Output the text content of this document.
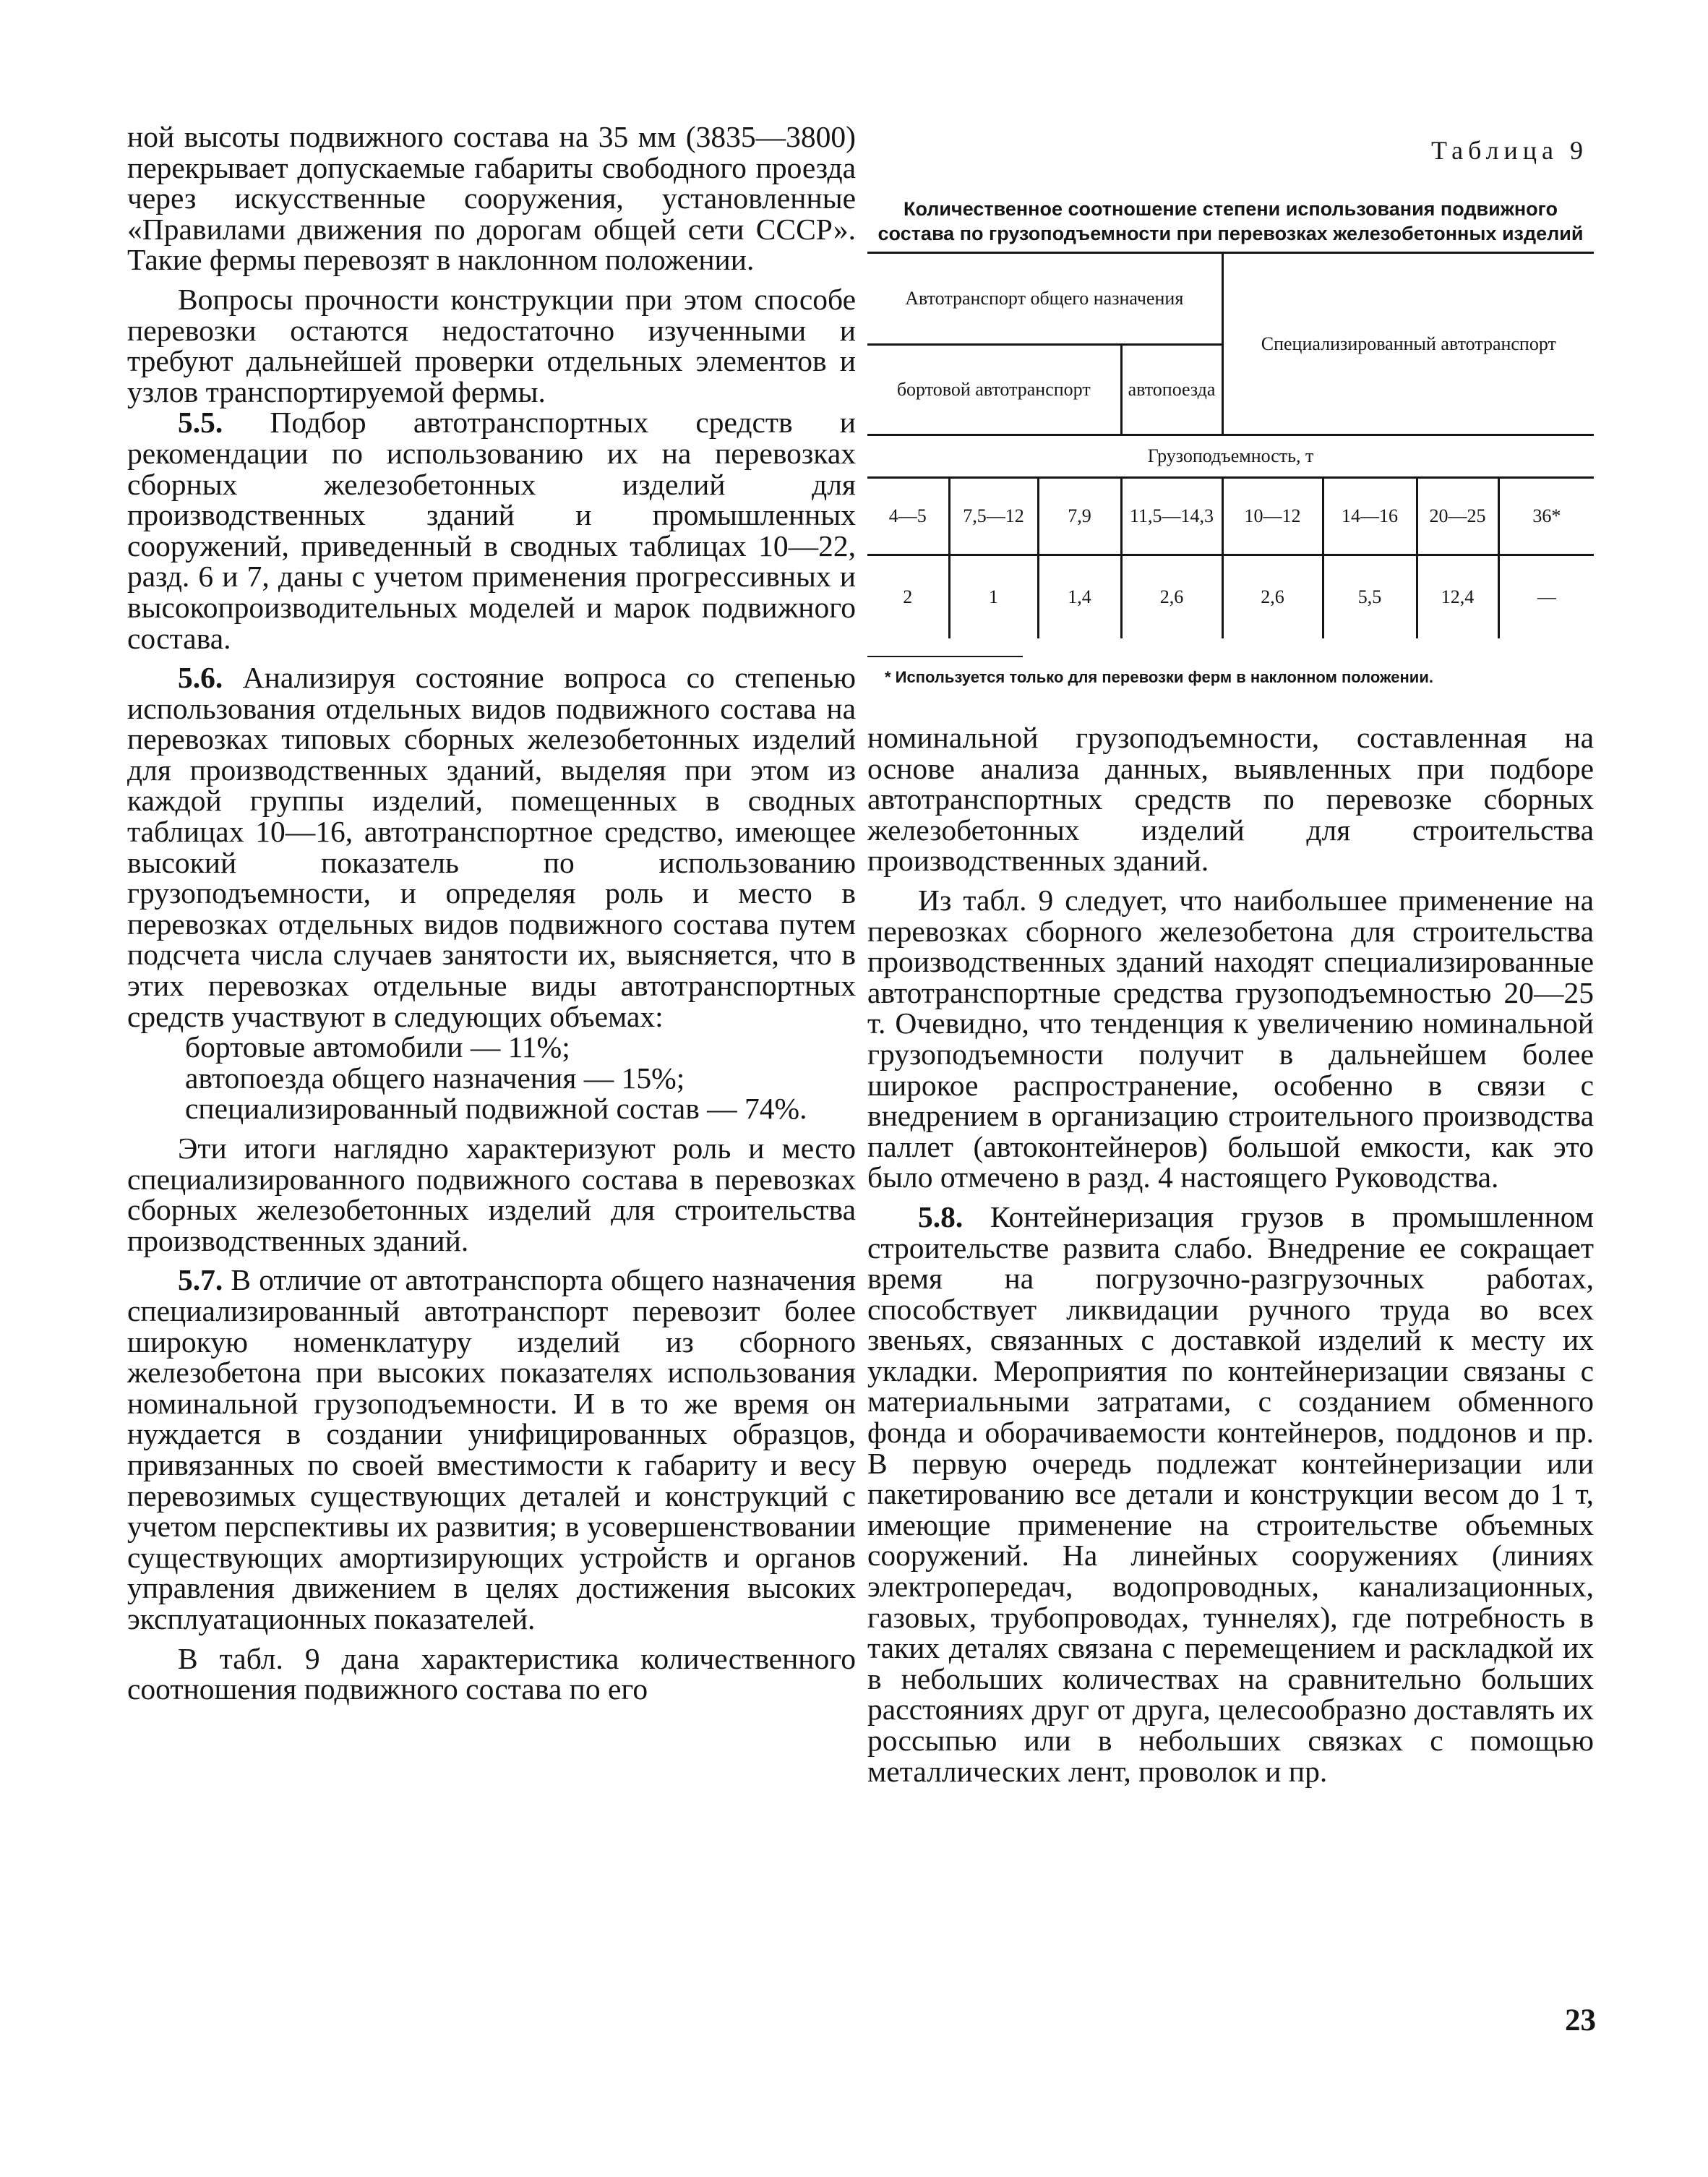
ной высоты подвижного состава на 35 мм (3835—3800) перекрывает допускаемые габариты свободного проезда через искусственные сооружения, установленные «Правилами движения по дорогам общей сети СССР». Такие фермы перевозят в наклонном положении.

Вопросы прочности конструкции при этом способе перевозки остаются недостаточно изученными и требуют дальнейшей проверки отдельных элементов и узлов транспортируемой фермы.

5.5. Подбор автотранспортных средств и рекомендации по использованию их на перевозках сборных железобетонных изделий для производственных зданий и промышленных сооружений, приведенный в сводных таблицах 10—22, разд. 6 и 7, даны с учетом применения прогрессивных и высокопроизводительных моделей и марок подвижного состава.

5.6. Анализируя состояние вопроса со степенью использования отдельных видов подвижного состава на перевозках типовых сборных железобетонных изделий для производственных зданий, выделяя при этом из каждой группы изделий, помещенных в сводных таблицах 10—16, автотранспортное средство, имеющее высокий показатель по использованию грузоподъемности, и определяя роль и место в перевозках отдельных видов подвижного состава путем подсчета числа случаев занятости их, выясняется, что в этих перевозках отдельные виды автотранспортных средств участвуют в следующих объемах:

бортовые автомобили — 11%;

автопоезда общего назначения — 15%;

специализированный подвижной состав — 74%.

Эти итоги наглядно характеризуют роль и место специализированного подвижного состава в перевозках сборных железобетонных изделий для строительства производственных зданий.

5.7. В отличие от автотранспорта общего назначения специализированный автотранспорт перевозит более широкую номенклатуру изделий из сборного железобетона при высоких показателях использования номинальной грузоподъемности. И в то же время он нуждается в создании унифицированных образцов, привязанных по своей вместимости к габариту и весу перевозимых существующих деталей и конструкций с учетом перспективы их развития; в усовершенствовании существующих амортизирующих устройств и органов управления движением в целях достижения высоких эксплуатационных показателей.

В табл. 9 дана характеристика количественного соотношения подвижного состава по его

Таблица 9
Количественное соотношение степени использования подвижного состава по грузоподъемности при перевозках железобетонных изделий
Автотранспорт общего назначения				Специализированный автотранспорт			
бортовой автотранспорт			автопоезда				
Грузоподъемность, т							
4—5	7,5—12	7,9	11,5—14,3	10—12	14—16	20—25	36*
2	1	1,4	2,6	2,6	5,5	12,4	—

* Используется только для перевозки ферм в наклонном положении.

номинальной грузоподъемности, составленная на основе анализа данных, выявленных при подборе автотранспортных средств по перевозке сборных железобетонных изделий для строительства производственных зданий.

Из табл. 9 следует, что наибольшее применение на перевозках сборного железобетона для строительства производственных зданий находят специализированные автотранспортные средства грузоподъемностью 20—25 т. Очевидно, что тенденция к увеличению номинальной грузоподъемности получит в дальнейшем более широкое распространение, особенно в связи с внедрением в организацию строительного производства паллет (автоконтейнеров) большой емкости, как это было отмечено в разд. 4 настоящего Руководства.

5.8. Контейнеризация грузов в промышленном строительстве развита слабо. Внедрение ее сокращает время на погрузочно-разгрузочных работах, способствует ликвидации ручного труда во всех звеньях, связанных с доставкой изделий к месту их укладки. Мероприятия по контейнеризации связаны с материальными затратами, с созданием обменного фонда и оборачиваемости контейнеров, поддонов и пр. В первую очередь подлежат контейнеризации или пакетированию все детали и конструкции весом до 1 т, имеющие применение на строительстве объемных сооружений. На линейных сооружениях (линиях электропередач, водопроводных, канализационных, газовых, трубопроводах, туннелях), где потребность в таких деталях связана с перемещением и раскладкой их в небольших количествах на сравнительно больших расстояниях друг от друга, целесообразно доставлять их россыпью или в небольших связках с помощью металлических лент, проволок и пр.

23
